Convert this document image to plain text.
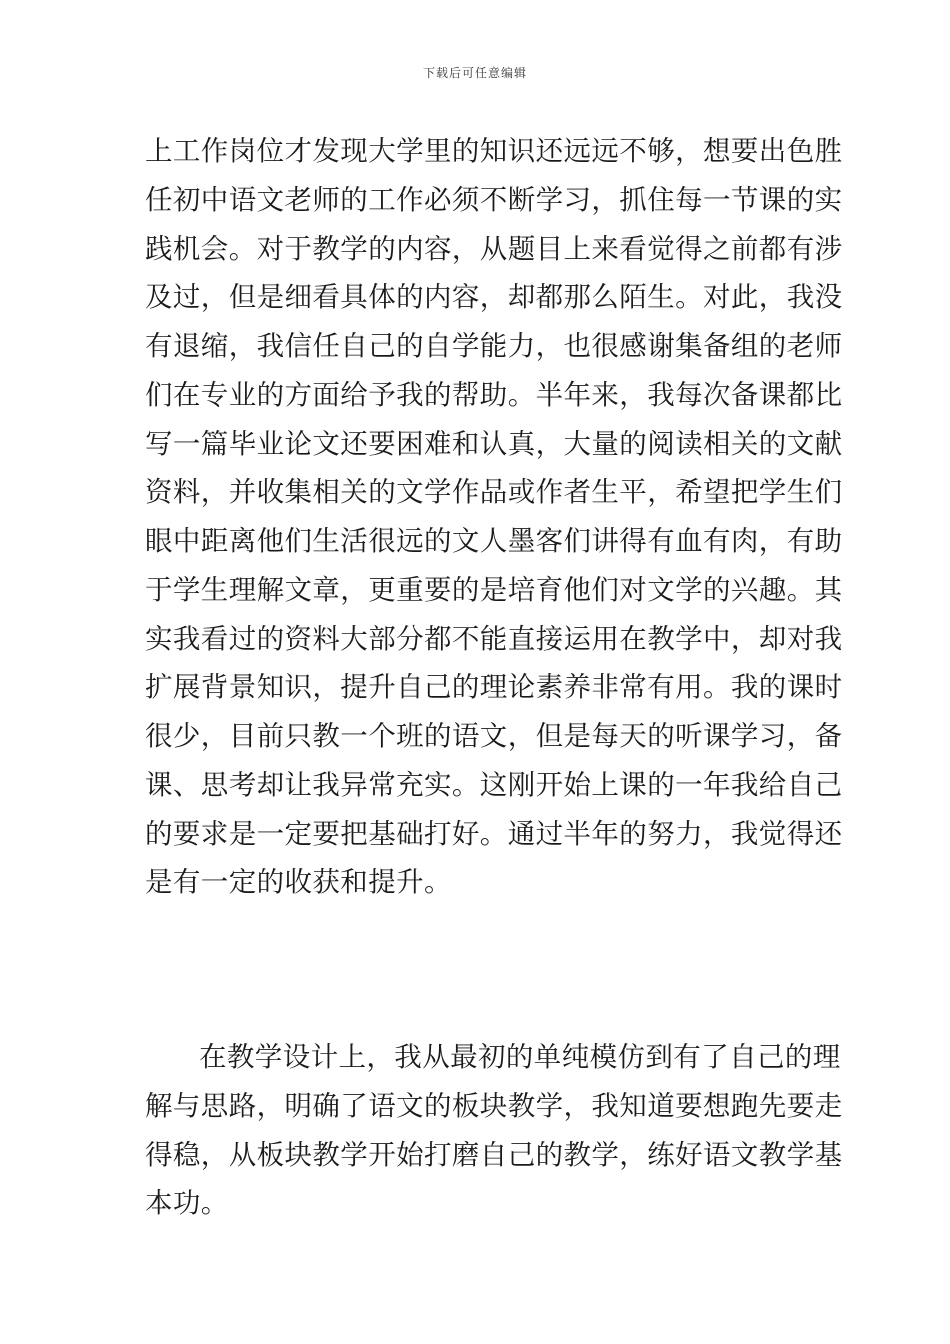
下载后可任意编辑
上工作岗位才发现大学里的知识还远远不够，想要出色胜
任初中语文老师的工作必须不断学习，抓住每一节课的实
践机会。对于教学的内容，从题目上来看觉得之前都有涉
及过，但是细看具体的内容，却都那么陌生。对此，我没
有退缩，我信任自己的自学能力，也很感谢集备组的老师
们在专业的方面给予我的帮助。半年来，我每次备课都比
写一篇毕业论文还要困难和认真，大量的阅读相关的文献
资料，并收集相关的文学作品或作者生平，希望把学生们
眼中距离他们生活很远的文人墨客们讲得有血有肉，有助
于学生理解文章，更重要的是培育他们对文学的兴趣。其
实我看过的资料大部分都不能直接运用在教学中，却对我
扩展背景知识，提升自己的理论素养非常有用。我的课时
很少，目前只教一个班的语文，但是每天的听课学习，备
课、思考却让我异常充实。这刚开始上课的一年我给自己
的要求是一定要把基础打好。通过半年的努力，我觉得还
是有一定的收获和提升。
在教学设计上，我从最初的单纯模仿到有了自己的理
解与思路，明确了语文的板块教学，我知道要想跑先要走
得稳，从板块教学开始打磨自己的教学，练好语文教学基
本功。
